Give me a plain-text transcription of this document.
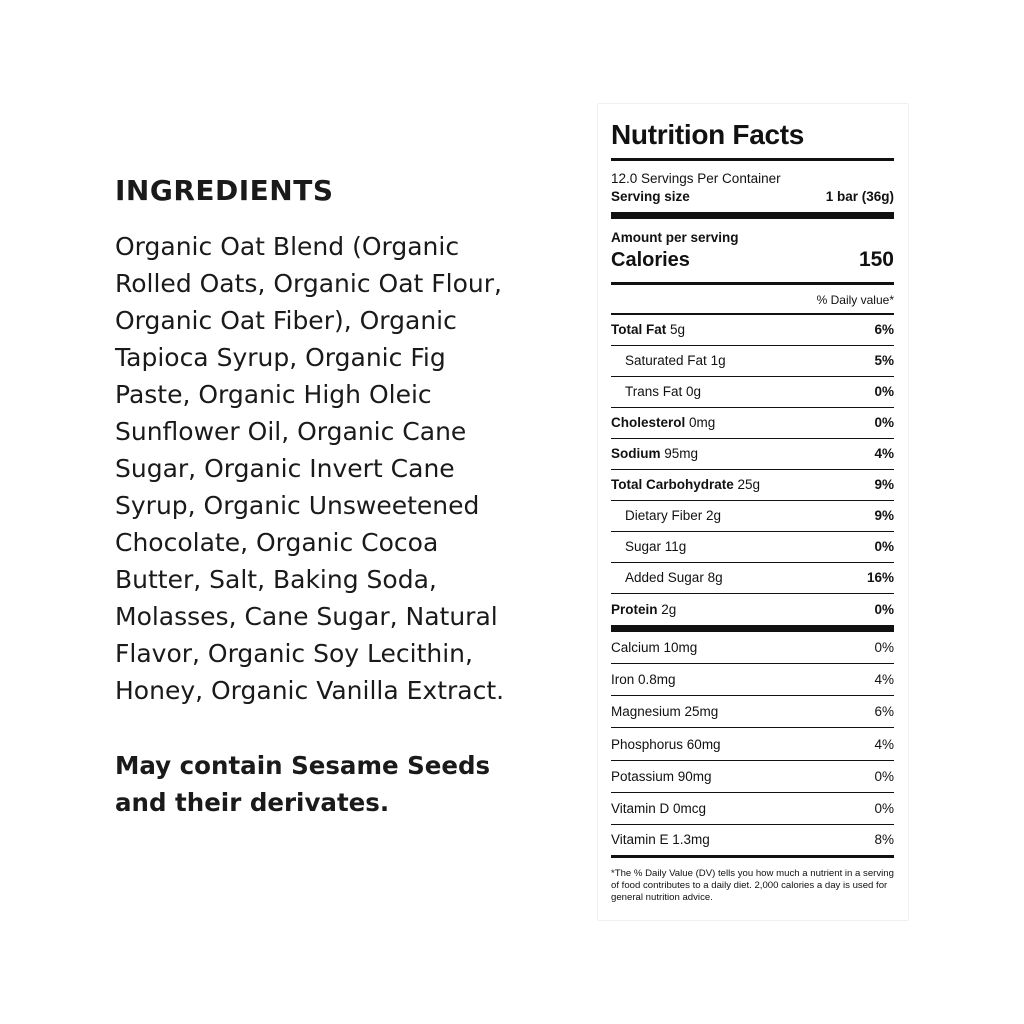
INGREDIENTS

Organic Oat Blend (Organic Rolled Oats, Organic Oat Flour, Organic Oat Fiber), Organic Tapioca Syrup, Organic Fig Paste, Organic High Oleic Sunflower Oil, Organic Cane Sugar, Organic Invert Cane Syrup, Organic Unsweetened Chocolate, Organic Cocoa Butter, Salt, Baking Soda, Molasses, Cane Sugar, Natural Flavor, Organic Soy Lecithin, Honey, Organic Vanilla Extract.

May contain Sesame Seeds and their derivates.

Nutrition Facts
12.0 Servings Per Container
Serving size	1 bar (36g)
Amount per serving
Calories	150
% Daily value*
Total Fat 5g	6%
Saturated Fat 1g	5%
Trans Fat 0g	0%
Cholesterol 0mg	0%
Sodium 95mg	4%
Total Carbohydrate 25g	9%
Dietary Fiber 2g	9%
Sugar 11g	0%
Added Sugar 8g	16%
Protein 2g	0%
Calcium 10mg	0%
Iron 0.8mg	4%
Magnesium 25mg	6%
Phosphorus 60mg	4%
Potassium 90mg	0%
Vitamin D 0mcg	0%
Vitamin E 1.3mg	8%

*The % Daily Value (DV) tells you how much a nutrient in a serving of food contributes to a daily diet. 2,000 calories a day is used for general nutrition advice.
